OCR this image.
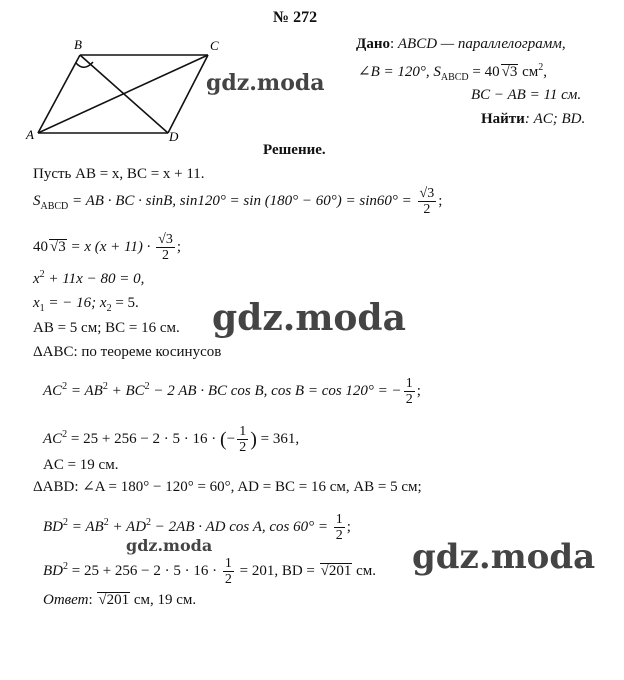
№ 272
A
B	C
D
Дано: ABCD — параллелограмм,
∠B = 120°, $S_{ABCD} = 40$ √3 $см^2$,
BC − AB = 11 см.
Найти: AC; BD.
Решение.
Пусть AB = x, BC = x + 11.
$S_{ABCD}$ = AB · BC · sinB, $\sin 120^\circ = \sin (180^\circ - 60^\circ) = \sin 60^\circ = \frac{√3}{2}$ ;
40 √3 = x $(x + 11) \cdot \frac{√3}{2}$ ;
$x^2 + 11x - 80 = 0$,
$x_1$ = − 16; $x_2 = 5$.
AB = 5 см; BC = 16 см.
ΔABC: по теореме косинусов
$AC^2 = AB^2 + BC^2 - 2$ AB · BC cos B, cos B = cos 120° = − $\frac{1}{2}$ ;
$AC^2 = 25 + 256 - 2 \cdot 5 \cdot 16$ · (− $\frac{1}{2}$ ) = 361,
AC = 19 см.
ΔABD: ∠A = 180° − 120° = 60°, AD = BC = 16 см, AB = 5 см;
$BD^2 = AB^2 + AD^2 - 2AB$ · AD cos A, $\cos 60^\circ = \frac{1}{2}$ ;
$BD^2 = 25 + 256 - 2 \cdot 5 \cdot 16 \cdot \frac{1}{2} = 201$, BD = √201 см.
Ответ: √201 см, 19 см.
gdz.moda
gdz.moda
gdz.moda	gdz.moda
